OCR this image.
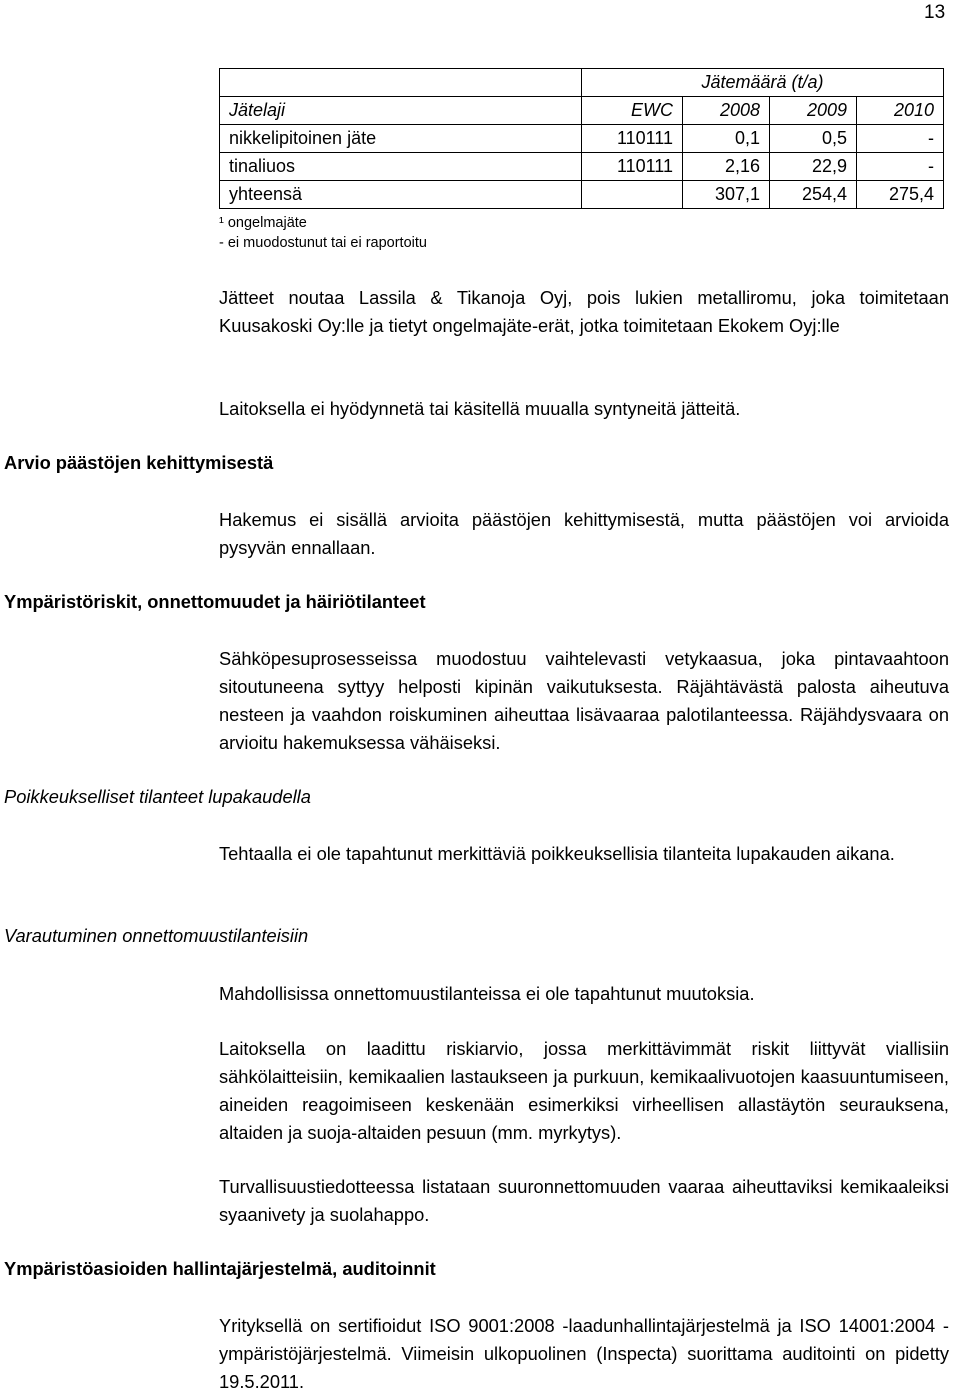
13
	Jätemäärä (t/a)			
Jätelaji	EWC	2008	2009	2010
nikkelipitoinen jäte	110111	0,1	0,5	-
tinaliuos	110111	2,16	22,9	-
yhteensä		307,1	254,4	275,4
¹ ongelmajäte
- ei muodostunut tai ei raportoitu
Jätteet noutaa Lassila & Tikanoja Oyj, pois lukien metalliromu, joka toimitetaan Kuusakoski Oy:lle ja tietyt ongelmajäte-erät, jotka toimitetaan Ekokem Oyj:lle
Laitoksella ei hyödynnetä tai käsitellä muualla syntyneitä jätteitä.
Arvio päästöjen kehittymisestä
Hakemus ei sisällä arvioita päästöjen kehittymisestä, mutta päästöjen voi arvioida pysyvän ennallaan.
Ympäristöriskit, onnettomuudet ja häiriötilanteet
Sähköpesuprosesseissa muodostuu vaihtelevasti vetykaasua, joka pintavaahtoon sitoutuneena syttyy helposti kipinän vaikutuksesta. Räjähtävästä palosta aiheutuva nesteen ja vaahdon roiskuminen aiheuttaa lisävaaraa palotilanteessa. Räjähdysvaara on arvioitu hakemuksessa vähäiseksi.
Poikkeukselliset tilanteet lupakaudella
Tehtaalla ei ole tapahtunut merkittäviä poikkeuksellisia tilanteita lupakauden aikana.
Varautuminen onnettomuustilanteisiin
Mahdollisissa onnettomuustilanteissa ei ole tapahtunut muutoksia.
Laitoksella on laadittu riskiarvio, jossa merkittävimmät riskit liittyvät viallisiin sähkölaitteisiin, kemikaalien lastaukseen ja purkuun, kemikaalivuotojen kaasuuntumiseen, aineiden reagoimiseen keskenään esimerkiksi virheellisen allastäytön seurauksena, altaiden ja suoja-altaiden pesuun (mm. myrkytys).
Turvallisuustiedotteessa listataan suuronnettomuuden vaaraa aiheuttaviksi kemikaaleiksi syaanivety ja suolahappo.
Ympäristöasioiden hallintajärjestelmä, auditoinnit
Yrityksellä on sertifioidut ISO 9001:2008 -laadunhallintajärjestelmä ja ISO 14001:2004 -ympäristöjärjestelmä. Viimeisin ulkopuolinen (Inspecta) suorittama auditointi on pidetty 19.5.2011.
